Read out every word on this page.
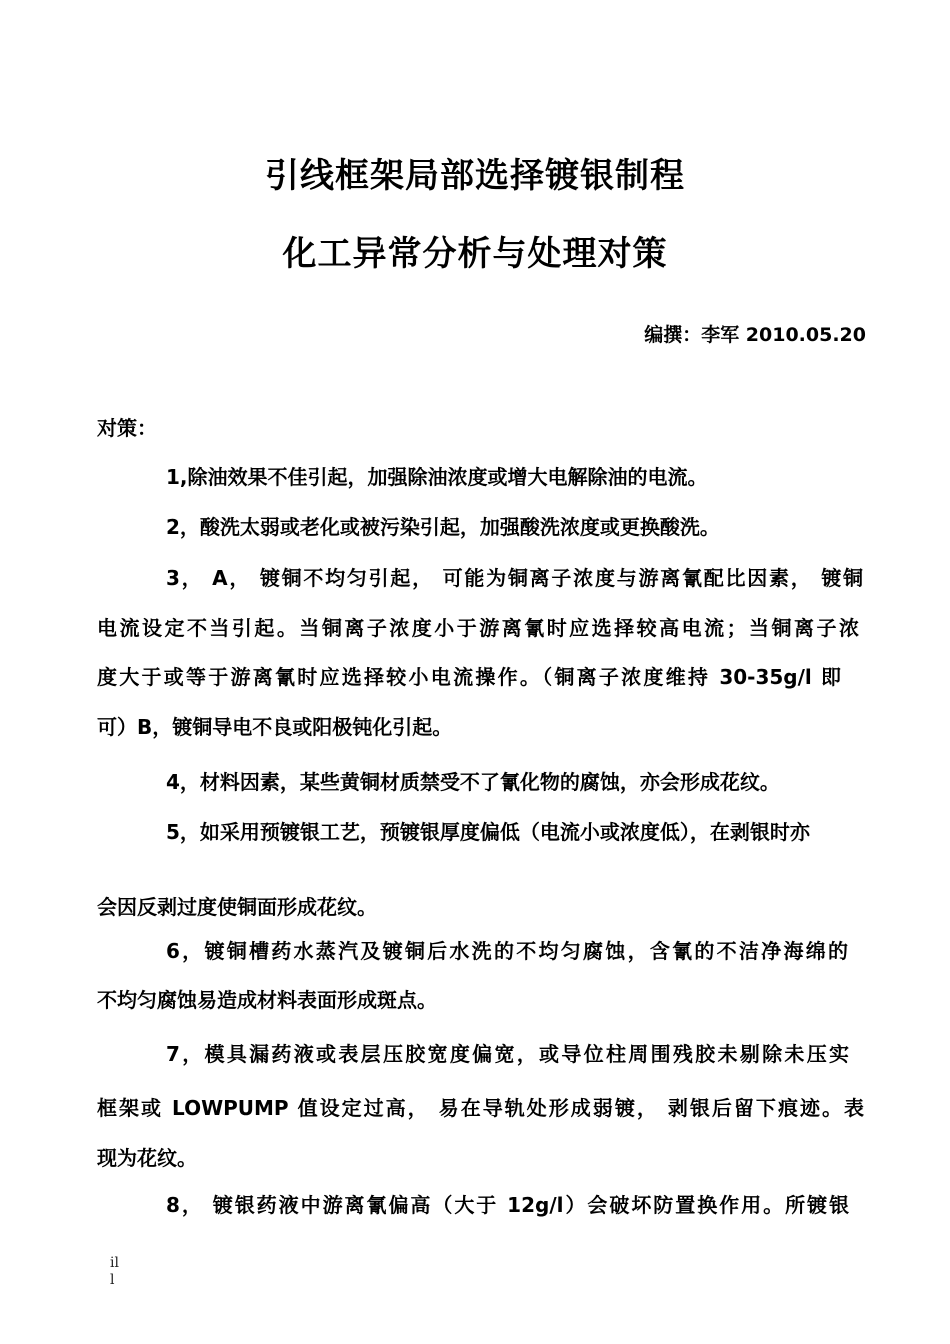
引线框架局部选择镀银制程
化工异常分析与处理对策
编撰：李军 2010.05.20
对策：
1,除油效果不佳引起，加强除油浓度或增大电解除油的电流。
2，酸洗太弱或老化或被污染引起，加强酸洗浓度或更换酸洗。
3， A， 镀铜不均匀引起， 可能为铜离子浓度与游离氰配比因素， 镀铜
电流设定不当引起。当铜离子浓度小于游离氰时应选择较高电流；当铜离子浓
度大于或等于游离氰时应选择较小电流操作。（铜离子浓度维持 30-35g/l 即
可）B，镀铜导电不良或阳极钝化引起。
4，材料因素，某些黄铜材质禁受不了氰化物的腐蚀，亦会形成花纹。
5，如采用预镀银工艺，预镀银厚度偏低（电流小或浓度低），在剥银时亦
会因反剥过度使铜面形成花纹。
6，镀铜槽药水蒸汽及镀铜后水洗的不均匀腐蚀，含氰的不洁净海绵的
不均匀腐蚀易造成材料表面形成斑点。
7，模具漏药液或表层压胶宽度偏宽，或导位柱周围残胶未剔除未压实
框架或 LOWPUMP 值设定过高， 易在导轨处形成弱镀， 剥银后留下痕迹。表
现为花纹。
8， 镀银药液中游离氰偏高（大于 12g/l）会破坏防置换作用。所镀银
il
l
